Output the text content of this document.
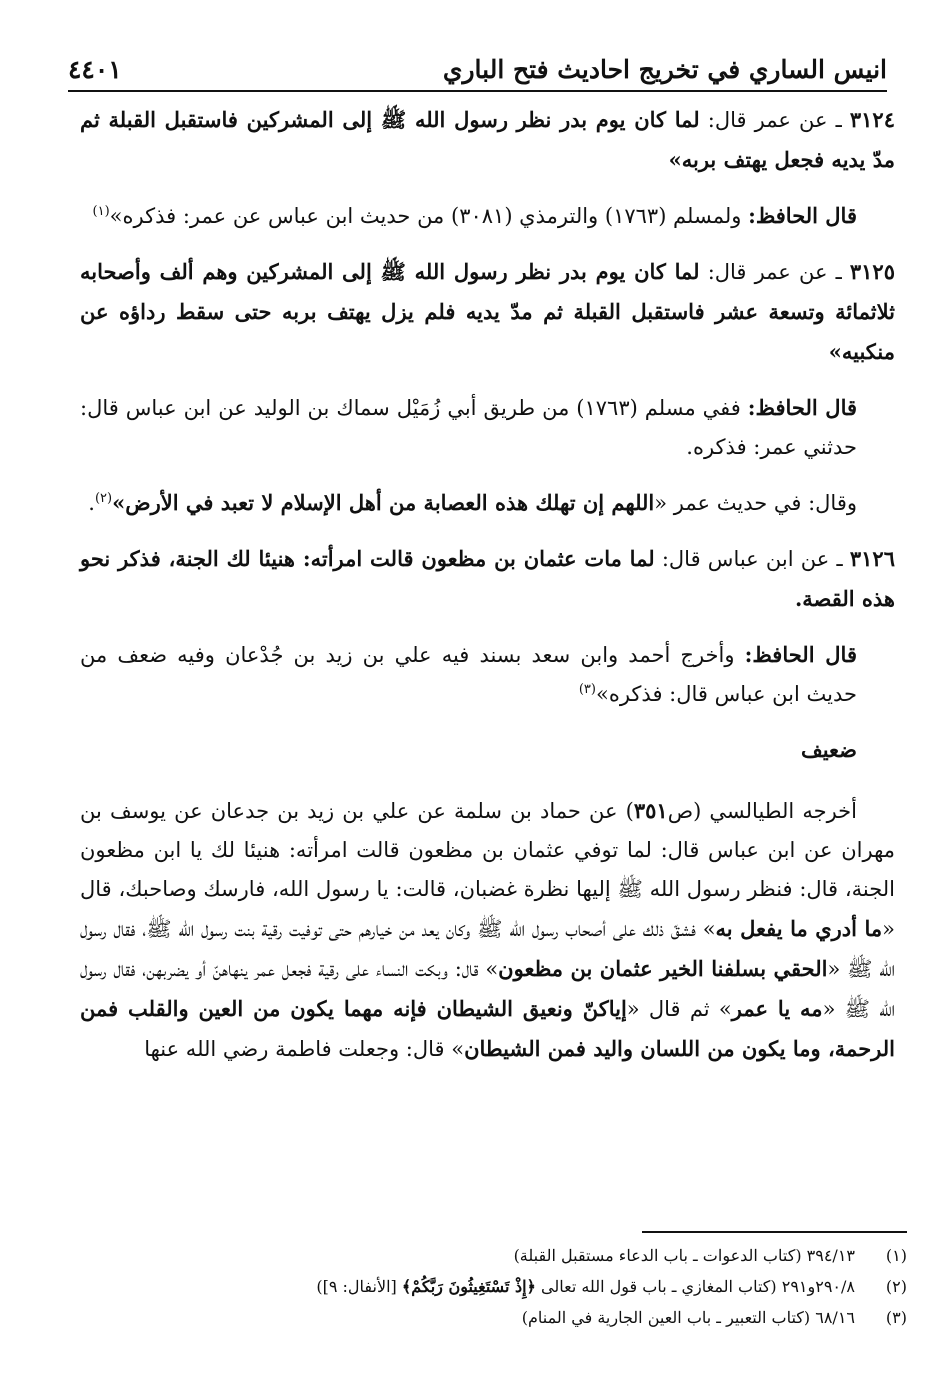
انيس الساري في تخريج احاديث فتح الباري
٤٤٠١

٣١٢٤ ـ عن عمر قال: لما كان يوم بدر نظر رسول الله ﷺ إلى المشركين فاستقبل القبلة ثم مدّ يديه فجعل يهتف بربه»

قال الحافظ: ولمسلم (١٧٦٣) والترمذي (٣٠٨١) من حديث ابن عباس عن عمر: فذكره»$^{(١)}$

٣١٢٥ ـ عن عمر قال: لما كان يوم بدر نظر رسول الله ﷺ إلى المشركين وهم ألف وأصحابه ثلاثمائة وتسعة عشر فاستقبل القبلة ثم مدّ يديه فلم يزل يهتف بربه حتى سقط رداؤه عن منكبيه»

قال الحافظ: ففي مسلم (١٧٦٣) من طريق أبي زُمَيْل سماك بن الوليد عن ابن عباس قال: حدثني عمر: فذكره.

وقال: في حديث عمر «اللهم إن تهلك هذه العصابة من أهل الإسلام لا تعبد في الأرض»$^{(٢)}$.

٣١٢٦ ـ عن ابن عباس قال: لما مات عثمان بن مظعون قالت امرأته: هنيئا لك الجنة، فذكر نحو هذه القصة.

قال الحافظ: وأخرج أحمد وابن سعد بسند فيه علي بن زيد بن جُدْعان وفيه ضعف من حديث ابن عباس قال: فذكره»$^{(٣)}$

ضعيف

أخرجه الطيالسي (ص٣٥١) عن حماد بن سلمة عن علي بن زيد بن جدعان عن يوسف بن مهران عن ابن عباس قال: لما توفي عثمان بن مظعون قالت امرأته: هنيئا لك يا ابن مظعون الجنة، قال: فنظر رسول الله ﷺ إليها نظرة غضبان، قالت: يا رسول الله، فارسك وصاحبك، قال «ما أدري ما يفعل به» فشقّ ذلك على أصحاب رسول الله ﷺ وكان يعد من خيارهم حتى توفيت رقية بنت رسول الله ﷺ، فقال رسول الله ﷺ «الحقي بسلفنا الخير عثمان بن مظعون» قال: وبكت النساء على رقية فجعل عمر ينهاهنّ أو يضربهن، فقال رسول الله ﷺ «مه يا عمر» ثم قال «إياكنّ ونعيق الشيطان فإنه مهما يكون من العين والقلب فمن الرحمة، وما يكون من اللسان واليد فمن الشيطان» قال: وجعلت فاطمة رضي الله عنها

(١)
٣٩٤/١٣ (كتاب الدعوات ـ باب الدعاء مستقبل القبلة)
(٢)
٢٩٠/٨و٢٩١ (كتاب المغازي ـ باب قول الله تعالى ﴿إِذْ تَسْتَغِيثُونَ رَبَّكُمْ﴾ [الأنفال: ٩])
(٣)
٦٨/١٦ (كتاب التعبير ـ باب العين الجارية في المنام)
